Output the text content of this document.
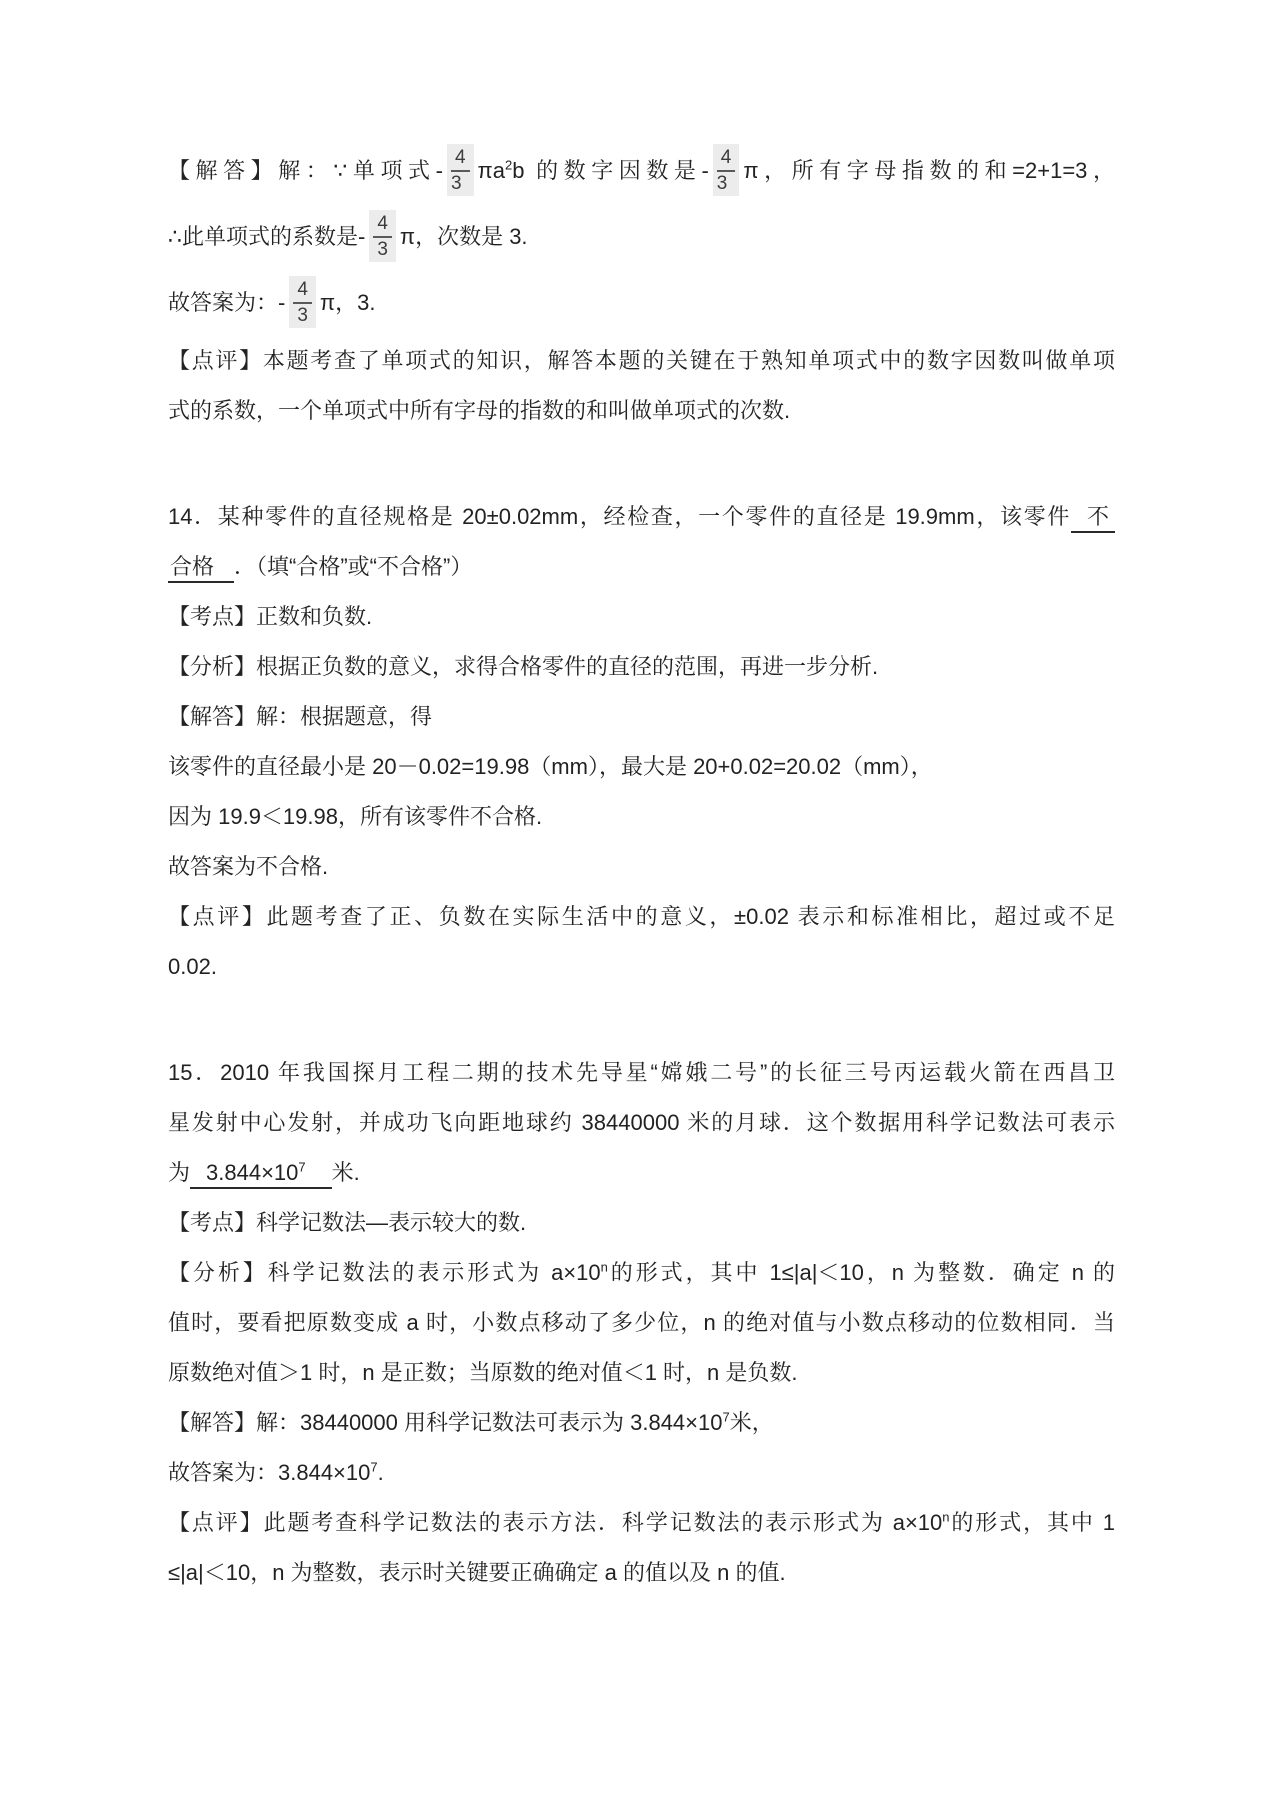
【解答】解：∵单项式- $\frac{4}{3} \pi a^2b$ 的数字因数是- $\frac{4}{3}$ π，所有字母指数的和=2+1=3，

∴此单项式的系数是- $\frac{4}{3}$ π，次数是 3.

故答案为：- $\frac{4}{3}$ π，3.

【点评】本题考查了单项式的知识，解答本题的关键在于熟知单项式中的数字因数叫做单项

式的系数，一个单项式中所有字母的指数的和叫做单项式的次数.

14．某种零件的直径规格是 20±0.02mm，经检查，一个零件的直径是 19.9mm，该零件 不

合格 ．（填“合格”或“不合格”）

【考点】正数和负数.

【分析】根据正负数的意义，求得合格零件的直径的范围，再进一步分析.

【解答】解：根据题意，得

该零件的直径最小是 20－0.02=19.98（mm），最大是 20+0.02=20.02（mm），

因为 19.9＜19.98，所有该零件不合格.

故答案为不合格.

【点评】此题考查了正、负数在实际生活中的意义，±0.02 表示和标准相比，超过或不足

0.02.

15．2010 年我国探月工程二期的技术先导星“嫦娥二号”的长征三号丙运载火箭在西昌卫

星发射中心发射，并成功飞向距地球约 38440000 米的月球．这个数据用科学记数法可表示

为 $3.844\times 10^7$ 米.

【考点】科学记数法—表示较大的数.

【分析】科学记数法的表示形式为 $a\times 10^n$的形式，其中 1≤|a|＜10，n 为整数．确定 n 的

值时，要看把原数变成 a 时，小数点移动了多少位，n 的绝对值与小数点移动的位数相同．当

原数绝对值＞1 时，n 是正数；当原数的绝对值＜1 时，n 是负数.

【解答】解：38440000 用科学记数法可表示为 $3.844\times 10^7$米，

故答案为：$3.844\times 10^7$.

【点评】此题考查科学记数法的表示方法．科学记数法的表示形式为 $a\times 10^n$的形式，其中 1

≤|a|＜10，n 为整数，表示时关键要正确确定 a 的值以及 n 的值.
